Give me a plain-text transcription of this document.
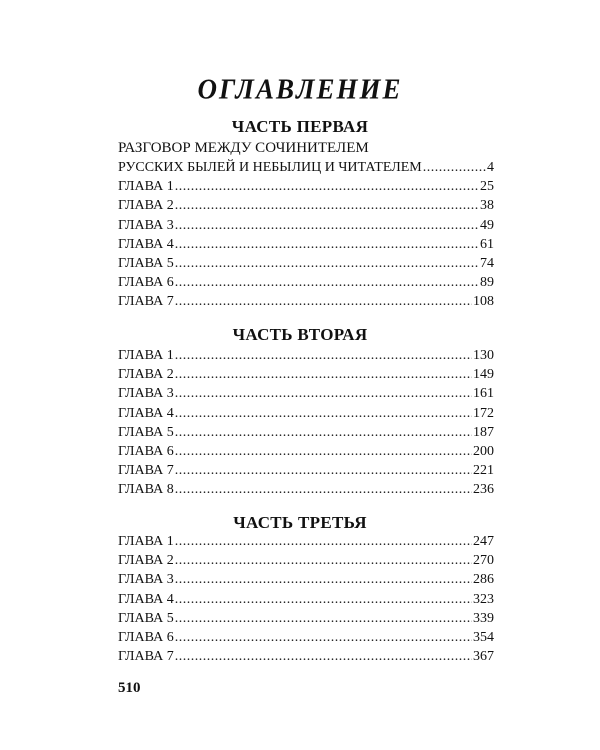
ОГЛАВЛЕНИЕ
ЧАСТЬ ПЕРВАЯ
РАЗГОВОР МЕЖДУ СОЧИНИТЕЛЕМ
РУССКИХ БЫЛЕЙ И НЕБЫЛИЦ И ЧИТАТЕЛЕМ .....	4
ГЛАВА 1 .....	25
ГЛАВА 2 .....	38
ГЛАВА 3 .....	49
ГЛАВА 4 .....	61
ГЛАВА 5 .....	74
ГЛАВА 6 .....	89
ГЛАВА 7 .....	108
ЧАСТЬ ВТОРАЯ
ГЛАВА 1 .....	130
ГЛАВА 2 .....	149
ГЛАВА 3 .....	161
ГЛАВА 4 .....	172
ГЛАВА 5 .....	187
ГЛАВА 6 .....	200
ГЛАВА 7 .....	221
ГЛАВА 8 .....	236
ЧАСТЬ ТРЕТЬЯ
ГЛАВА 1 .....	247
ГЛАВА 2 .....	270
ГЛАВА 3 .....	286
ГЛАВА 4 .....	323
ГЛАВА 5 .....	339
ГЛАВА 6 .....	354
ГЛАВА 7 .....	367
510
